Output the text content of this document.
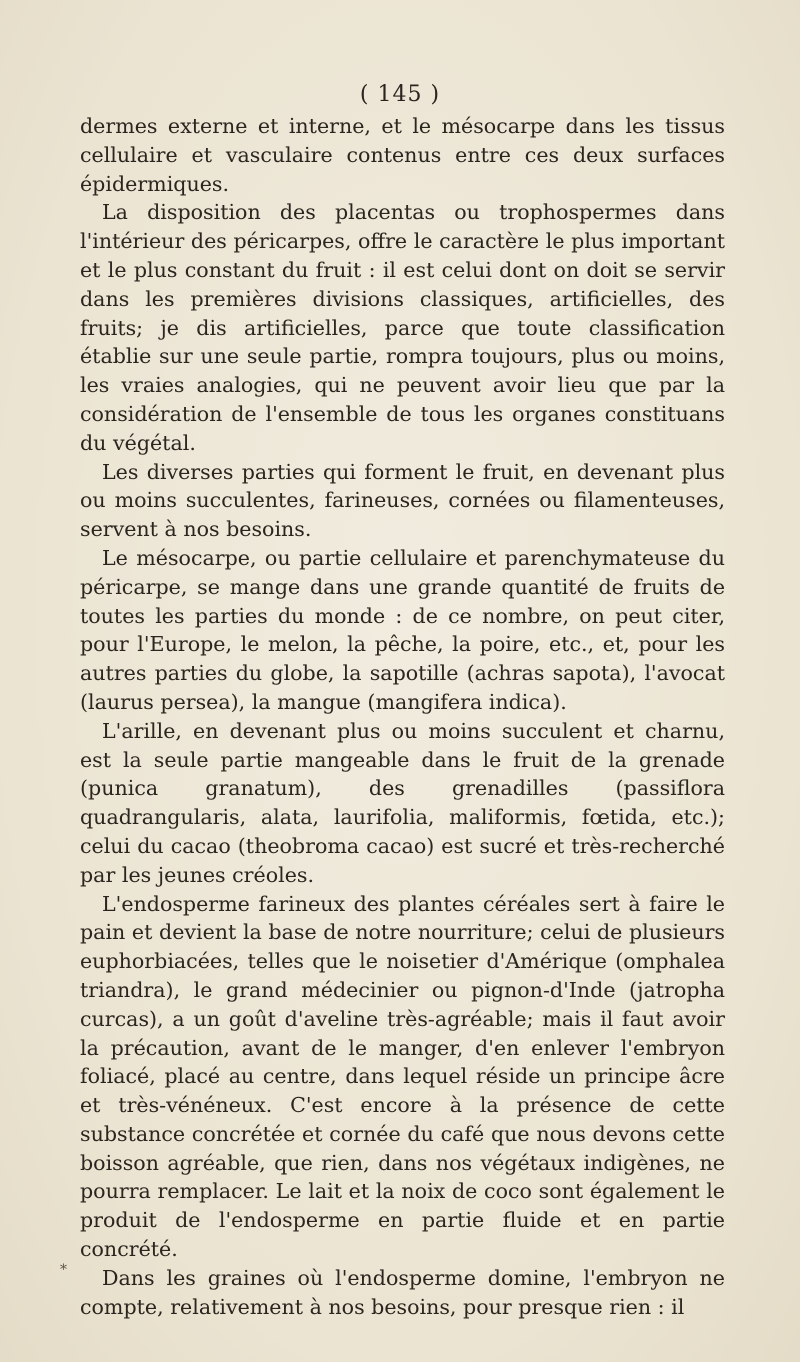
( 145 )

dermes externe et interne, et le mésocarpe dans les tissus cellulaire et vasculaire contenus entre ces deux surfaces épidermiques.

La disposition des placentas ou trophospermes dans l'intérieur des péricarpes, offre le caractère le plus important et le plus constant du fruit : il est celui dont on doit se servir dans les premières divisions classiques, artificielles, des fruits; je dis artificielles, parce que toute classification établie sur une seule partie, rompra toujours, plus ou moins, les vraies analogies, qui ne peuvent avoir lieu que par la considération de l'ensemble de tous les organes constituans du végétal.

Les diverses parties qui forment le fruit, en devenant plus ou moins succulentes, farineuses, cornées ou filamenteuses, servent à nos besoins.

Le mésocarpe, ou partie cellulaire et parenchymateuse du péricarpe, se mange dans une grande quantité de fruits de toutes les parties du monde : de ce nombre, on peut citer, pour l'Europe, le melon, la pêche, la poire, etc., et, pour les autres parties du globe, la sapotille (achras sapota), l'avocat (laurus persea), la mangue (mangifera indica).

L'arille, en devenant plus ou moins succulent et charnu, est la seule partie mangeable dans le fruit de la grenade (punica granatum), des grenadilles (passiflora quadrangularis, alata, laurifolia, maliformis, fœtida, etc.); celui du cacao (theobroma cacao) est sucré et très-recherché par les jeunes créoles.

L'endosperme farineux des plantes céréales sert à faire le pain et devient la base de notre nourriture; celui de plusieurs euphorbiacées, telles que le noisetier d'Amérique (omphalea triandra), le grand médecinier ou pignon-d'Inde (jatropha curcas), a un goût d'aveline très-agréable; mais il faut avoir la précaution, avant de le manger, d'en enlever l'embryon foliacé, placé au centre, dans lequel réside un principe âcre et très-vénéneux. C'est encore à la présence de cette substance concrétée et cornée du café que nous devons cette boisson agréable, que rien, dans nos végétaux indigènes, ne pourra remplacer. Le lait et la noix de coco sont également le produit de l'endosperme en partie fluide et en partie concrété.

Dans les graines où l'endosperme domine, l'embryon ne compte, relativement à nos besoins, pour presque rien : il

*
